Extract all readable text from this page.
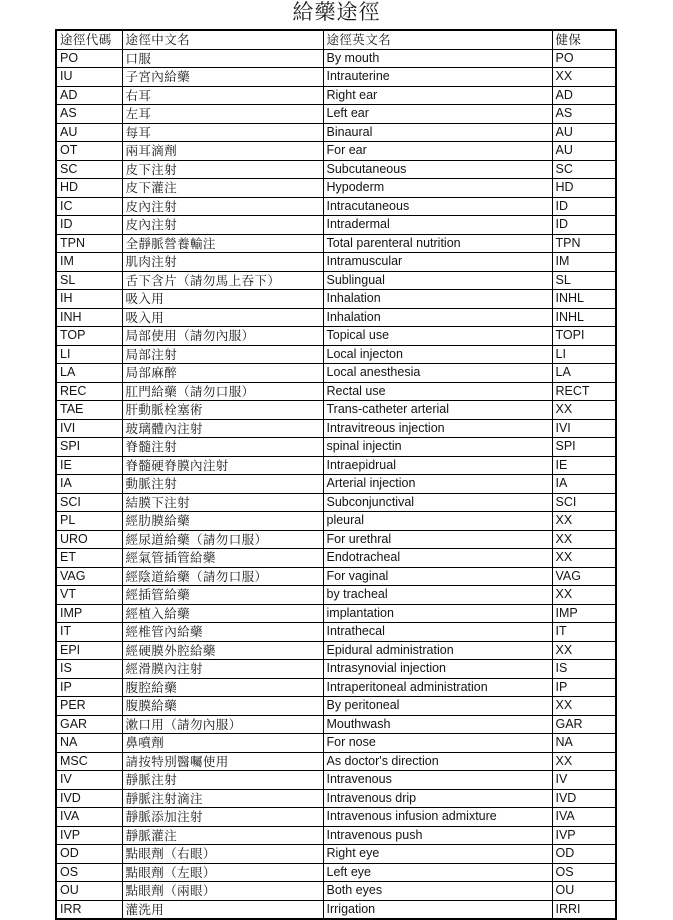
給藥途徑
途徑代碼	途徑中文名	途徑英文名	健保
PO	口服	By mouth	PO
IU	子宮內給藥	Intrauterine	XX
AD	右耳	Right ear	AD
AS	左耳	Left ear	AS
AU	每耳	Binaural	AU
OT	兩耳滴劑	For ear	AU
SC	皮下注射	Subcutaneous	SC
HD	皮下灌注	Hypoderm	HD
IC	皮內注射	Intracutaneous	ID
ID	皮內注射	Intradermal	ID
TPN	全靜脈營養輸注	Total parenteral nutrition	TPN
IM	肌肉注射	Intramuscular	IM
SL	舌下含片（請勿馬上吞下）	Sublingual	SL
IH	吸入用	Inhalation	INHL
INH	吸入用	Inhalation	INHL
TOP	局部使用（請勿內服）	Topical use	TOPI
LI	局部注射	Local injecton	LI
LA	局部麻醉	Local anesthesia	LA
REC	肛門給藥（請勿口服）	Rectal use	RECT
TAE	肝動脈栓塞術	Trans-catheter arterial	XX
IVI	玻璃體內注射	Intravitreous injection	IVI
SPI	脊髓注射	spinal injectin	SPI
IE	脊髓硬脊膜內注射	Intraepidrual	IE
IA	動脈注射	Arterial injection	IA
SCI	結膜下注射	Subconjunctival	SCI
PL	經肋膜給藥	pleural	XX
URO	經尿道給藥（請勿口服）	For urethral	XX
ET	經氣管插管給藥	Endotracheal	XX
VAG	經陰道給藥（請勿口服）	For vaginal	VAG
VT	經插管給藥	by tracheal	XX
IMP	經植入給藥	implantation	IMP
IT	經椎管內給藥	Intrathecal	IT
EPI	經硬膜外腔給藥	Epidural administration	XX
IS	經滑膜內注射	Intrasynovial injection	IS
IP	腹腔給藥	Intraperitoneal administration	IP
PER	腹膜給藥	By peritoneal	XX
GAR	漱口用（請勿內服）	Mouthwash	GAR
NA	鼻噴劑	For nose	NA
MSC	請按特別醫囑使用	As doctor's direction	XX
IV	靜脈注射	Intravenous	IV
IVD	靜脈注射滴注	Intravenous drip	IVD
IVA	靜脈添加注射	Intravenous infusion admixture	IVA
IVP	靜脈灌注	Intravenous push	IVP
OD	點眼劑（右眼）	Right eye	OD
OS	點眼劑（左眼）	Left eye	OS
OU	點眼劑（兩眼）	Both eyes	OU
IRR	灌洗用	Irrigation	IRRI
